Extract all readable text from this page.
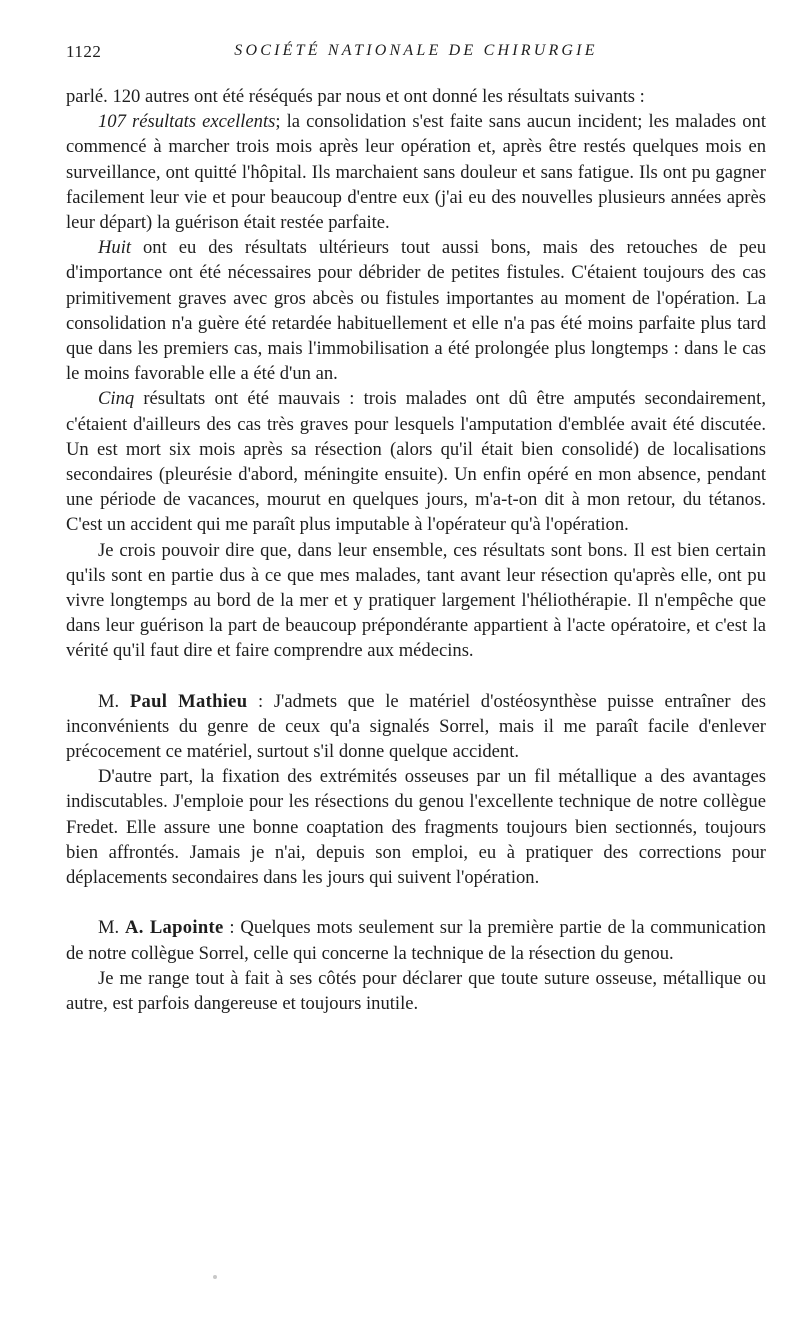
1122	SOCIÉTÉ NATIONALE DE CHIRURGIE

parlé. 120 autres ont été réséqués par nous et ont donné les résultats suivants :

107 résultats excellents; la consolidation s'est faite sans aucun incident; les malades ont commencé à marcher trois mois après leur opération et, après être restés quelques mois en surveillance, ont quitté l'hôpital. Ils marchaient sans douleur et sans fatigue. Ils ont pu gagner facilement leur vie et pour beaucoup d'entre eux (j'ai eu des nouvelles plusieurs années après leur départ) la guérison était restée parfaite.

Huit ont eu des résultats ultérieurs tout aussi bons, mais des retouches de peu d'importance ont été nécessaires pour débrider de petites fistules. C'étaient toujours des cas primitivement graves avec gros abcès ou fistules importantes au moment de l'opération. La consolidation n'a guère été retardée habituellement et elle n'a pas été moins parfaite plus tard que dans les premiers cas, mais l'immobilisation a été prolongée plus longtemps : dans le cas le moins favorable elle a été d'un an.

Cinq résultats ont été mauvais : trois malades ont dû être amputés secondairement, c'étaient d'ailleurs des cas très graves pour lesquels l'amputation d'emblée avait été discutée. Un est mort six mois après sa résection (alors qu'il était bien consolidé) de localisations secondaires (pleurésie d'abord, méningite ensuite). Un enfin opéré en mon absence, pendant une période de vacances, mourut en quelques jours, m'a-t-on dit à mon retour, du tétanos. C'est un accident qui me paraît plus imputable à l'opérateur qu'à l'opération.

Je crois pouvoir dire que, dans leur ensemble, ces résultats sont bons. Il est bien certain qu'ils sont en partie dus à ce que mes malades, tant avant leur résection qu'après elle, ont pu vivre longtemps au bord de la mer et y pratiquer largement l'héliothérapie. Il n'empêche que dans leur guérison la part de beaucoup prépondérante appartient à l'acte opératoire, et c'est la vérité qu'il faut dire et faire comprendre aux médecins.

M. Paul Mathieu : J'admets que le matériel d'ostéosynthèse puisse entraîner des inconvénients du genre de ceux qu'a signalés Sorrel, mais il me paraît facile d'enlever précocement ce matériel, surtout s'il donne quelque accident.

D'autre part, la fixation des extrémités osseuses par un fil métallique a des avantages indiscutables. J'emploie pour les résections du genou l'excellente technique de notre collègue Fredet. Elle assure une bonne coaptation des fragments toujours bien sectionnés, toujours bien affrontés. Jamais je n'ai, depuis son emploi, eu à pratiquer des corrections pour déplacements secondaires dans les jours qui suivent l'opération.

M. A. Lapointe : Quelques mots seulement sur la première partie de la communication de notre collègue Sorrel, celle qui concerne la technique de la résection du genou.

Je me range tout à fait à ses côtés pour déclarer que toute suture osseuse, métallique ou autre, est parfois dangereuse et toujours inutile.
